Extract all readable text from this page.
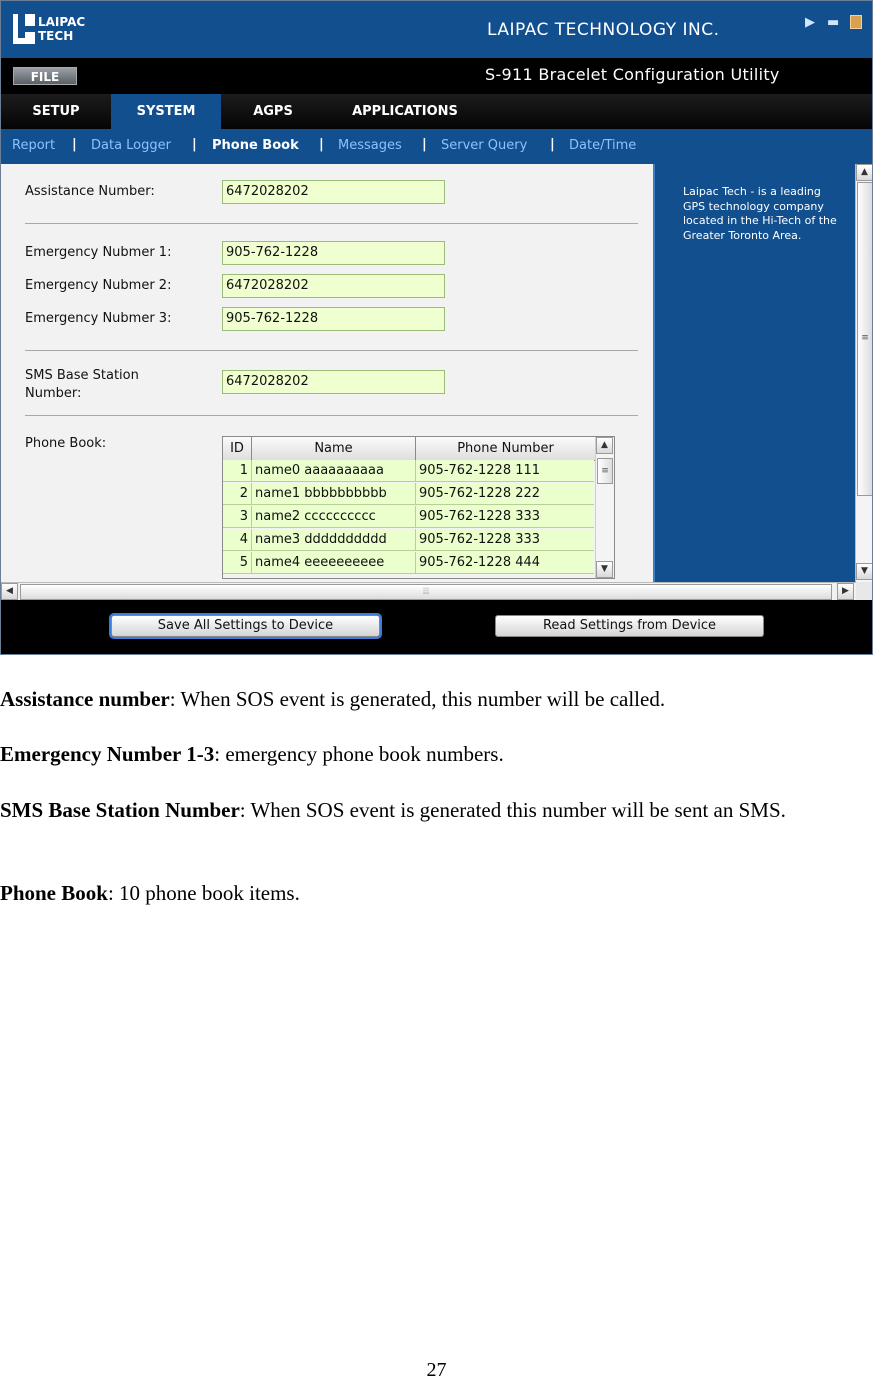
LAIPAC
TECH	LAIPAC TECHNOLOGY INC.	▶ ▬
FILE	S-911 Bracelet Configuration Utility
SETUP	SYSTEM	AGPS	APPLICATIONS
Report | Data Logger | Phone Book | Messages | Server Query | Date/Time
Assistance Number:	6472028202
Emergency Nubmer 1:	905-762-1228
Emergency Nubmer 2:	6472028202
Emergency Nubmer 3:	905-762-1228
SMS Base Station
Number:
6472028202
Phone Book:	ID	Name	Phone Number
1 name0 aaaaaaaaaa	905-762-1228 111
2 name1 bbbbbbbbbb	905-762-1228 222
3 name2 cccccccccc	905-762-1228 333
4 name3 dddddddddd	905-762-1228 333
5 name4 eeeeeeeeee	905-762-1228 444
▲
≡
▼
Laipac Tech - is a leading
GPS technology company
located in the Hi-Tech of the
Greater Toronto Area.
▲
≡
▼
◀	⦙⦙⦙	▶
Save All Settings to Device	Read Settings from Device
Assistance number: When SOS event is generated, this number will be called.
Emergency Number 1-3: emergency phone book numbers.
SMS Base Station Number: When SOS event is generated this number will be sent an SMS.
Phone Book: 10 phone book items.
27
